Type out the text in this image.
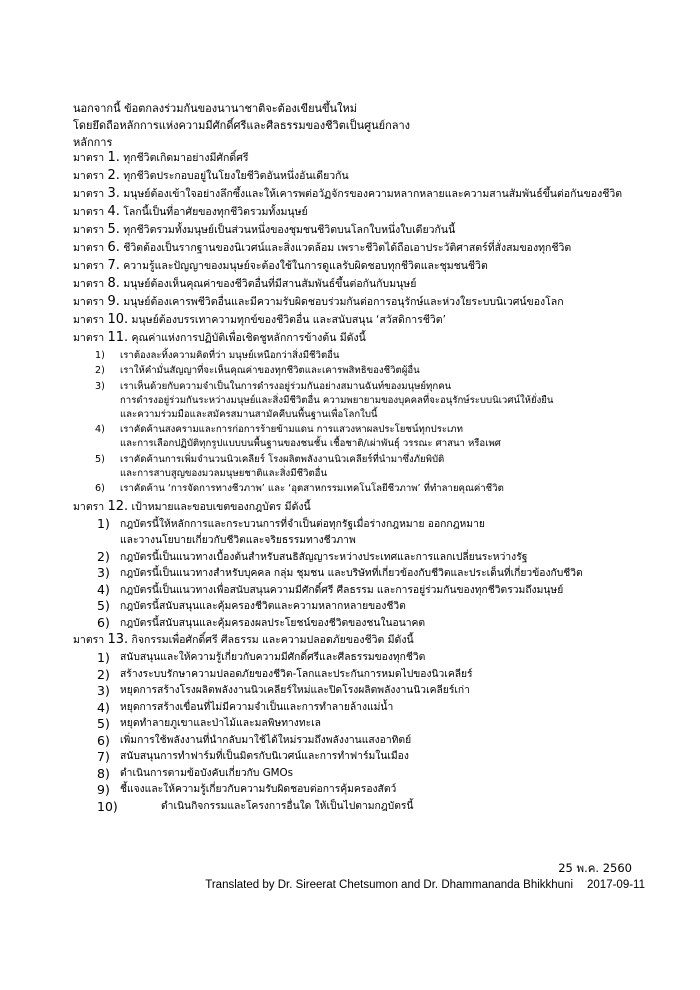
นอกจากนี้ ข้อตกลงร่วมกันของนานาชาติจะต้องเขียนขึ้นใหม่
โดยยึดถือหลักการแห่งความมีศักดิ์ศรีและศีลธรรมของชีวิตเป็นศูนย์กลาง
หลักการ
มาตรา 1. ทุกชีวิตเกิดมาอย่างมีศักดิ์ศรี
มาตรา 2. ทุกชีวิตประกอบอยู่ในโยงใยชีวิตอันหนึ่งอันเดียวกัน
มาตรา 3. มนุษย์ต้องเข้าใจอย่างลึกซึ้งและให้เคารพต่อวัฏจักรของความหลากหลายและความสานสัมพันธ์ขึ้นต่อกันของชีวิต
มาตรา 4. โลกนี้เป็นที่อาศัยของทุกชีวิตรวมทั้งมนุษย์
มาตรา 5. ทุกชีวิตรวมทั้งมนุษย์เป็นส่วนหนึ่งของชุมชนชีวิตบนโลกใบหนึ่งใบเดียวกันนี้
มาตรา 6. ชีวิตต้องเป็นรากฐานของนิเวศน์และสิ่งแวดล้อม เพราะชีวิตได้ถือเอาประวัติศาสตร์ที่สั่งสมของทุกชีวิต
มาตรา 7. ความรู้และปัญญาของมนุษย์จะต้องใช้ในการดูแลรับผิดชอบทุกชีวิตและชุมชนชีวิต
มาตรา 8. มนุษย์ต้องเห็นคุณค่าของชีวิตอื่นที่มีสานสัมพันธ์ขึ้นต่อกันกับมนุษย์
มาตรา 9. มนุษย์ต้องเคารพชีวิตอื่นและมีความรับผิดชอบร่วมกันต่อการอนุรักษ์และห่วงใยระบบนิเวศน์ของโลก
มาตรา 10. มนุษย์ต้องบรรเทาความทุกข์ของชีวิตอื่น และสนับสนุน ‘สวัสดิการชีวิต’
มาตรา 11. คุณค่าแห่งการปฏิบัติเพื่อเชิดชูหลักการข้างต้น มีดังนี้
1) เราต้องละทิ้งความคิดที่ว่า มนุษย์เหนือกว่าสิ่งมีชีวิตอื่น
2) เราให้คำมั่นสัญญาที่จะเห็นคุณค่าของทุกชีวิตและเคารพสิทธิของชีวิตผู้อื่น
3) เราเห็นด้วยกับความจำเป็นในการดำรงอยู่ร่วมกันอย่างสมานฉันท์ของมนุษย์ทุกคน
การดำรงอยู่ร่วมกันระหว่างมนุษย์และสิ่งมีชีวิตอื่น ความพยายามของบุคคลที่จะอนุรักษ์ระบบนิเวศน์ให้ยั่งยืน
และความร่วมมือและสมัครสมานสามัคคีบนพื้นฐานเพื่อโลกใบนี้
4) เราคัดค้านสงครามและการก่อการร้ายข้ามแดน การแสวงหาผลประโยชน์ทุกประเภท
และการเลือกปฏิบัติทุกรูปแบบบนพื้นฐานของชนชั้น เชื้อชาติ/เผ่าพันธุ์ วรรณะ ศาสนา หรือเพศ
5) เราคัดค้านการเพิ่มจำนวนนิวเคลียร์ โรงผลิตพลังงานนิวเคลียร์ที่นำมาซึ่งภัยพิบัติ
และการสาบสูญของมวลมนุษยชาติและสิ่งมีชีวิตอื่น
6) เราคัดค้าน ‘การจัดการทางชีวภาพ’ และ ‘อุตสาหกรรมเทคโนโลยีชีวภาพ’ ที่ทำลายคุณค่าชีวิต
มาตรา 12. เป้าหมายและขอบเขตของกฎบัตร มีดังนี้
1) กฎบัตรนี้ให้หลักการและกระบวนการที่จำเป็นต่อทุกรัฐเมื่อร่างกฎหมาย ออกกฎหมาย
และวางนโยบายเกี่ยวกับชีวิตและจริยธรรมทางชีวภาพ
2) กฎบัตรนี้เป็นแนวทางเบื้องต้นสำหรับสนธิสัญญาระหว่างประเทศและการแลกเปลี่ยนระหว่างรัฐ
3) กฎบัตรนี้เป็นแนวทางสำหรับบุคคล กลุ่ม ชุมชน และบริษัทที่เกี่ยวข้องกับชีวิตและประเด็นที่เกี่ยวข้องกับชีวิต
4) กฎบัตรนี้เป็นแนวทางเพื่อสนับสนุนความมีศักดิ์ศรี ศีลธรรม และการอยู่ร่วมกันของทุกชีวิตรวมถึงมนุษย์
5) กฎบัตรนี้สนับสนุนและคุ้มครองชีวิตและความหลากหลายของชีวิต
6) กฎบัตรนี้สนับสนุนและคุ้มครองผลประโยชน์ของชีวิตของชนในอนาคต
มาตรา 13. กิจกรรมเพื่อศักดิ์ศรี ศีลธรรม และความปลอดภัยของชีวิต มีดังนี้
1) สนับสนุนและให้ความรู้เกี่ยวกับความมีศักดิ์ศรีและศีลธรรมของทุกชีวิต
2) สร้างระบบรักษาความปลอดภัยของชีวิต-โลกและประกันการหมดไปของนิวเคลียร์
3) หยุดการสร้างโรงผลิตพลังงานนิวเคลียร์ใหม่และปิดโรงผลิตพลังงานนิวเคลียร์เก่า
4) หยุดการสร้างเขื่อนที่ไม่มีความจำเป็นและการทำลายล้างแม่น้ำ
5) หยุดทำลายภูเขาและป่าไม้และมลพิษทางทะเล
6) เพิ่มการใช้พลังงานที่นำกลับมาใช้ได้ใหม่รวมถึงพลังงานแสงอาทิตย์
7) สนับสนุนการทำฟาร์มที่เป็นมิตรกับนิเวศน์และการทำฟาร์มในเมือง
8) ดำเนินการตามข้อบังคับเกี่ยวกับ GMOs
9) ชี้แจงและให้ความรู้เกี่ยวกับความรับผิดชอบต่อการคุ้มครองสัตว์
10)	ดำเนินกิจกรรมและโครงการอื่นใด ให้เป็นไปตามกฎบัตรนี้
25 พ.ค. 2560
Translated by Dr. Sireerat Chetsumon and Dr. Dhammananda Bhikkhuni 2017-09-11
